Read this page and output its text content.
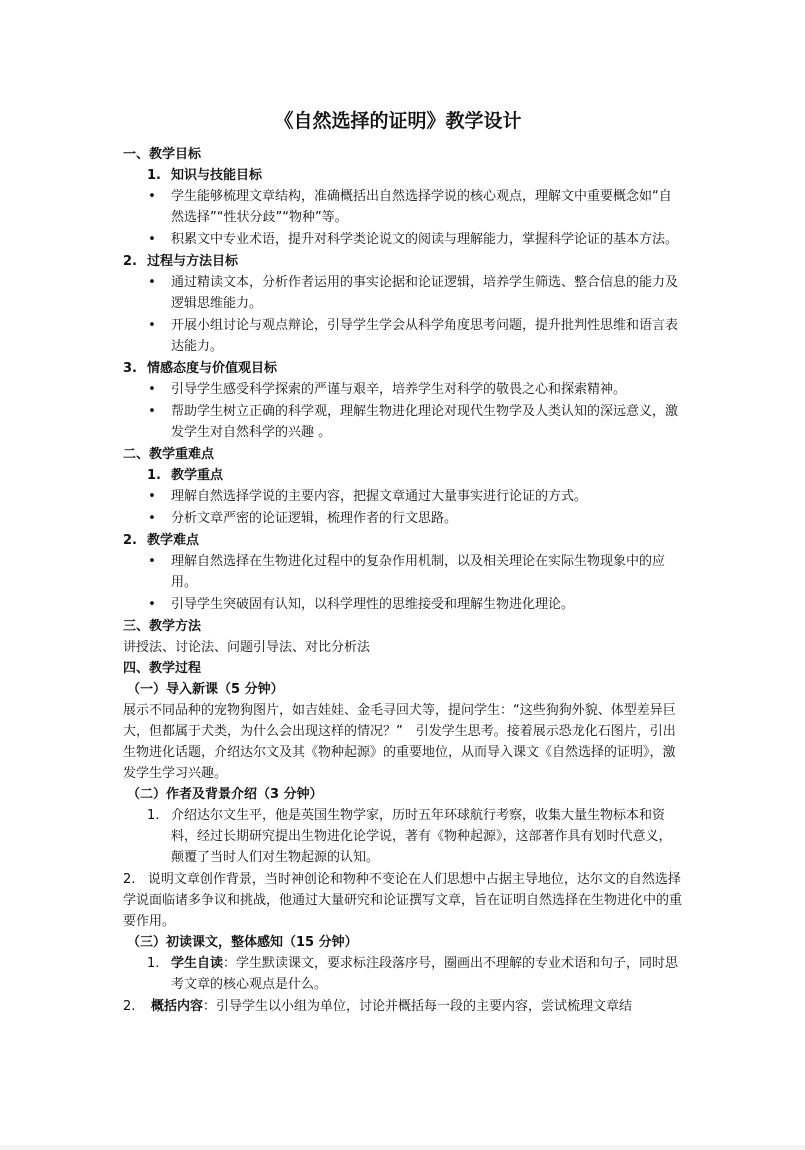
《自然选择的证明》教学设计
一、教学目标
1. 知识与技能目标
• 学生能够梳理文章结构，准确概括出自然选择学说的核心观点，理解文中重要概念如“自然选择”“性状分歧”“物种”等。
• 积累文中专业术语，提升对科学类论说文的阅读与理解能力，掌握科学论证的基本方法。
2. 过程与方法目标
• 通过精读文本，分析作者运用的事实论据和论证逻辑，培养学生筛选、整合信息的能力及逻辑思维能力。
• 开展小组讨论与观点辩论，引导学生学会从科学角度思考问题，提升批判性思维和语言表达能力。
3. 情感态度与价值观目标
• 引导学生感受科学探索的严谨与艰辛，培养学生对科学的敬畏之心和探索精神。
• 帮助学生树立正确的科学观，理解生物进化理论对现代生物学及人类认知的深远意义，激发学生对自然科学的兴趣 。
二、教学重难点
1. 教学重点
• 理解自然选择学说的主要内容，把握文章通过大量事实进行论证的方式。
• 分析文章严密的论证逻辑，梳理作者的行文思路。
2. 教学难点
• 理解自然选择在生物进化过程中的复杂作用机制，以及相关理论在实际生物现象中的应用。
• 引导学生突破固有认知，以科学理性的思维接受和理解生物进化理论。
三、教学方法
讲授法、讨论法、问题引导法、对比分析法
四、教学过程
（一）导入新课（5 分钟）
展示不同品种的宠物狗图片，如吉娃娃、金毛寻回犬等，提问学生：“这些狗狗外貌、体型差异巨大，但都属于犬类，为什么会出现这样的情况？”　引发学生思考。接着展示恐龙化石图片，引出生物进化话题，介绍达尔文及其《物种起源》的重要地位，从而导入课文《自然选择的证明》，激发学生学习兴趣。
（二）作者及背景介绍（3 分钟）
1. 介绍达尔文生平，他是英国生物学家，历时五年环球航行考察，收集大量生物标本和资料，经过长期研究提出生物进化论学说，著有《物种起源》，这部著作具有划时代意义，颠覆了当时人们对生物起源的认知。
2. 说明文章创作背景，当时神创论和物种不变论在人们思想中占据主导地位，达尔文的自然选择学说面临诸多争议和挑战，他通过大量研究和论证撰写文章，旨在证明自然选择在生物进化中的重要作用。
（三）初读课文，整体感知（15 分钟）
1. 学生自读：学生默读课文，要求标注段落序号，圈画出不理解的专业术语和句子，同时思考文章的核心观点是什么。
2. 概括内容：引导学生以小组为单位，讨论并概括每一段的主要内容，尝试梳理文章结
